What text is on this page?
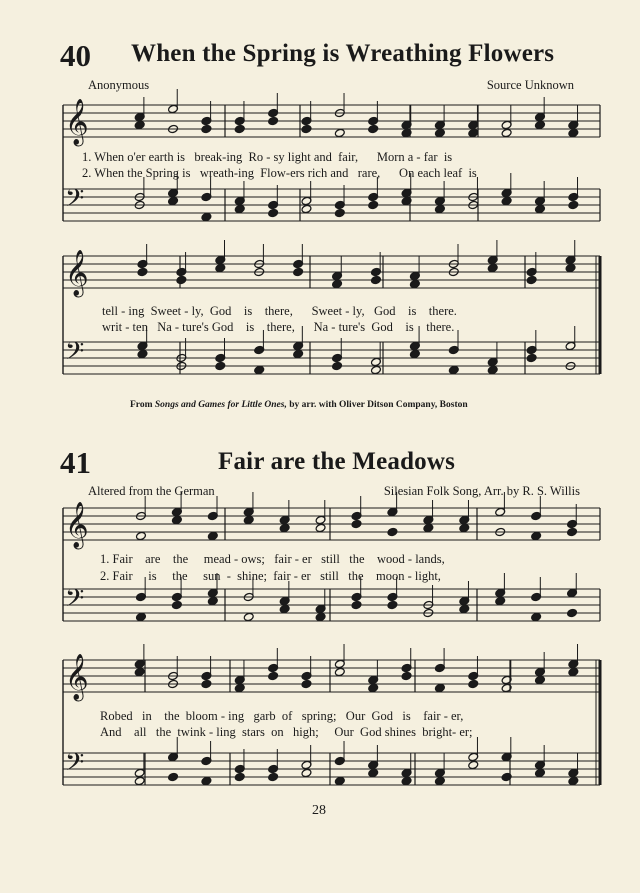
40 When the Spring is Wreathing Flowers
Anonymous	Source Unknown
1. When o'er earth is   break-ing  Ro - sy light and  fair,      Morn a - far  is
2. When the Spring is   wreath-ing  Flow-ers rich and   rare,      On each leaf  is
tell - ing  Sweet - ly,  God    is    there,      Sweet - ly,   God    is    there.
writ - ten   Na - ture's God    is    there,      Na - ture's  God    is    there.
From Songs and Games for Little Ones, by arr. with Oliver Ditson Company, Boston
41	Fair are the Meadows
Altered from the German	Silesian Folk Song, Arr. by R. S. Willis
1. Fair    are    the     mead - ows;   fair - er   still   the    wood - lands,
2. Fair     is     the     sun  -  shine;  fair - er   still   the    moon - light,
Robed   in    the  bloom - ing   garb  of   spring;   Our  God   is    fair - er,
And    all   the  twink - ling  stars  on   high;     Our  God shines  bright- er;
28
𝄞
𝄢
𝄞
𝄢
𝄞
𝄢
𝄞
𝄢
